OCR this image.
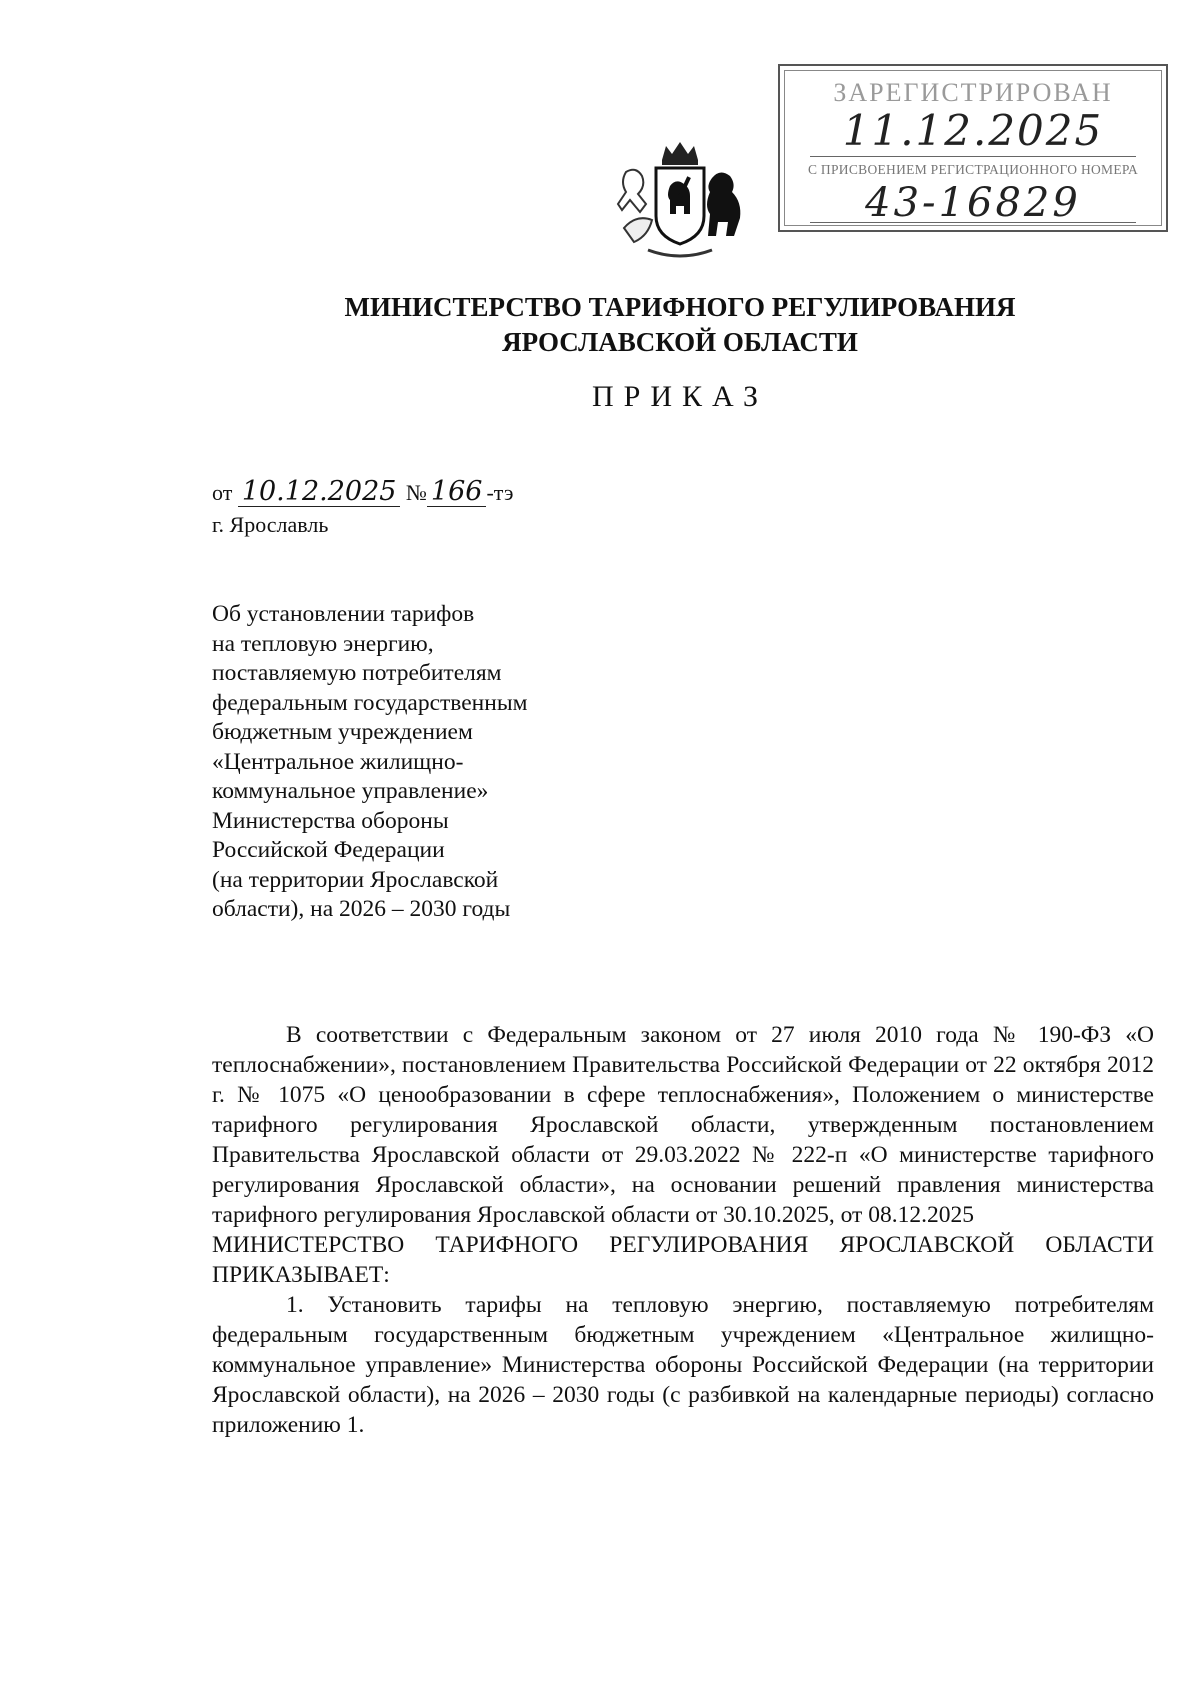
ЗАРЕГИСТРИРОВАН
11.12.2025
С ПРИСВОЕНИЕМ РЕГИСТРАЦИОННОГО НОМЕРА
43-16829
МИНИСТЕРСТВО ТАРИФНОГО РЕГУЛИРОВАНИЯ
ЯРОСЛАВСКОЙ ОБЛАСТИ
ПРИКАЗ
от 10.12.2025 № 166 -тэ
г. Ярославль
Об установлении тарифов
на тепловую энергию,
поставляемую потребителям
федеральным государственным
бюджетным учреждением
«Центральное жилищно-
коммунальное управление»
Министерства обороны
Российской Федерации
(на территории Ярославской
области), на 2026 – 2030 годы

В соответствии с Федеральным законом от 27 июля 2010 года № 190-ФЗ «О теплоснабжении», постановлением Правительства Российской Федерации от 22 октября 2012 г. № 1075 «О ценообразовании в сфере теплоснабжения», Положением о министерстве тарифного регулирования Ярославской области, утвержденным постановлением Правительства Ярославской области от 29.03.2022 № 222-п «О министерстве тарифного регулирования Ярославской области», на основании решений правления министерства тарифного регулирования Ярославской области от 30.10.2025, от 08.12.2025

МИНИСТЕРСТВО ТАРИФНОГО РЕГУЛИРОВАНИЯ ЯРОСЛАВСКОЙ ОБЛАСТИ ПРИКАЗЫВАЕТ:

1. Установить тарифы на тепловую энергию, поставляемую потребителям федеральным государственным бюджетным учреждением «Центральное жилищно-коммунальное управление» Министерства обороны Российской Федерации (на территории Ярославской области), на 2026 – 2030 годы (с разбивкой на календарные периоды) согласно приложению 1.
